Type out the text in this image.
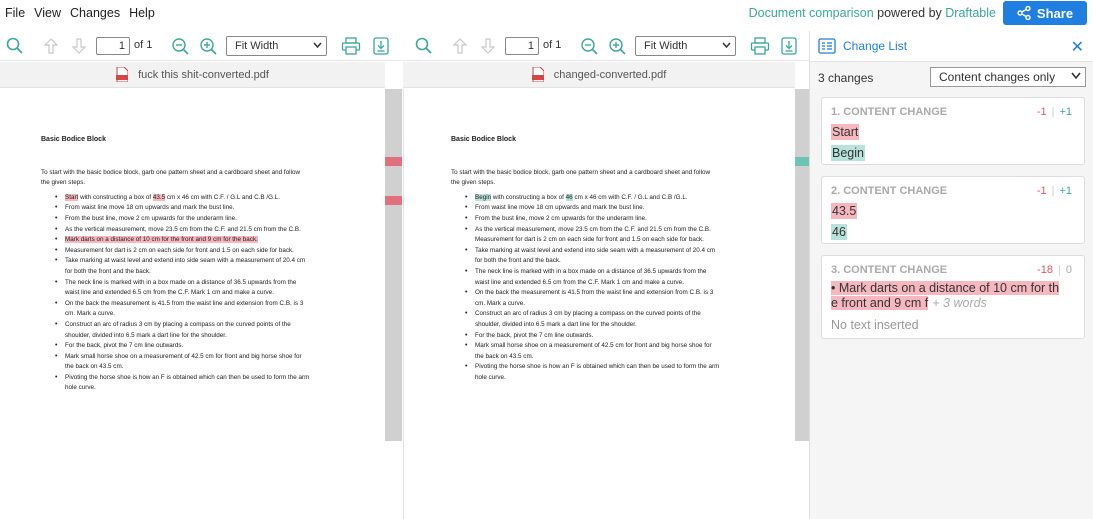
File View Changes Help	Document comparison powered by Draftable	Share
1 of 1	Fit Width	1 of 1	Fit Width
fuck this shit-converted.pdf	changed-converted.pdf
Basic Bodice Block
To start with the basic bodice block, garb one pattern sheet and a cardboard sheet and follow
the given steps.
• Start with constructing a box of 43.5 cm x 46 cm with C.F. / G.L and C.B /G.L.
• From waist line move 18 cm upwards and mark the bust line.
• From the bust line, move 2 cm upwards for the underarm line.
• As the vertical measurement, move 23.5 cm from the C.F. and 21.5 cm from the C.B.
• Mark darts on a distance of 10 cm for the front and 9 cm for the back.
• Measurement for dart is 2 cm on each side for front and 1.5 on each side for back.
• Take marking at waist level and extend into side seam with a measurement of 20.4 cm
for both the front and the back.
• The neck line is marked with in a box made on a distance of 36.5 upwards from the
waist line and extended 6.5 cm from the C.F. Mark 1 cm and make a curve.
• On the back the measurement is 41.5 from the waist line and extension from C.B. is 3
cm. Mark a curve.
• Construct an arc of radius 3 cm by placing a compass on the curved points of the
shoulder, divided into 6.5 mark a dart line for the shoulder.
• For the back, pivot the 7 cm line outwards.
• Mark small horse shoe on a measurement of 42.5 cm for front and big horse shoe for
the back on 43.5 cm.
• Pivoting the horse shoe is how an F is obtained which can then be used to form the arm
hole curve.
Basic Bodice Block
To start with the basic bodice block, garb one pattern sheet and a cardboard sheet and follow
the given steps.
• Begin with constructing a box of 46 cm x 46 cm with C.F. / G.L and C.B /G.L.
• From waist line move 18 cm upwards and mark the bust line.
• From the bust line, move 2 cm upwards for the underarm line.
• As the vertical measurement, move 23.5 cm from the C.F. and 21.5 cm from the C.B.
Measurement for dart is 2 cm on each side for front and 1.5 on each side for back.
• Take marking at waist level and extend into side seam with a measurement of 20.4 cm
for both the front and the back.
• The neck line is marked with in a box made on a distance of 36.5 upwards from the
waist line and extended 6.5 cm from the C.F. Mark 1 cm and make a curve.
• On the back the measurement is 41.5 from the waist line and extension from C.B. is 3
cm. Mark a curve.
• Construct an arc of radius 3 cm by placing a compass on the curved points of the
shoulder, divided into 6.5 mark a dart line for the shoulder.
• For the back, pivot the 7 cm line outwards.
• Mark small horse shoe on a measurement of 42.5 cm for front and big horse shoe for
the back on 43.5 cm.
• Pivoting the horse shoe is how an F is obtained which can then be used to form the arm
hole curve.
Change List	✕
3 changes	Content changes only
1. CONTENT CHANGE	-1 | +1
Start
Begin
2. CONTENT CHANGE	-1 | +1
43.5
46
3. CONTENT CHANGE	-18 | 0
• Mark darts on a distance of 10 cm for th
e front and 9 cm f + 3 words
No text inserted
